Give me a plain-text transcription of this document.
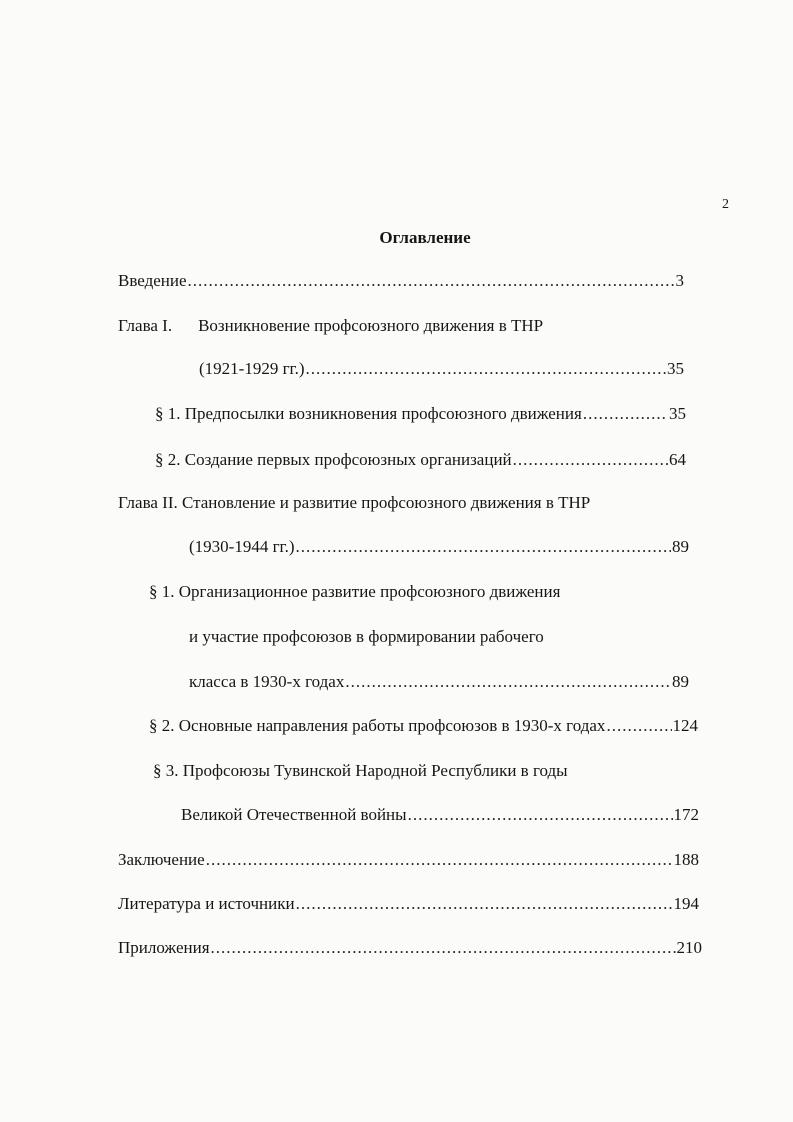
2
Оглавление
Введение .....	3
Глава I. Возникновение профсоюзного движения в ТНР
(1921-1929 гг.) .....	35
§ 1. Предпосылки возникновения профсоюзного движения .....	35
§ 2. Создание первых профсоюзных организаций .....	64
Глава II. Становление и развитие профсоюзного движения в ТНР
(1930-1944 гг.) .....	89
§ 1. Организационное развитие профсоюзного движения
и участие профсоюзов в формировании рабочего
класса в 1930-х годах .....	89
§ 2. Основные направления работы профсоюзов в 1930-х годах .....	124
§ 3. Профсоюзы Тувинской Народной Республики в годы
Великой Отечественной войны .....	172
Заключение .....	188
Литература и источники .....	194
Приложения .....	210
